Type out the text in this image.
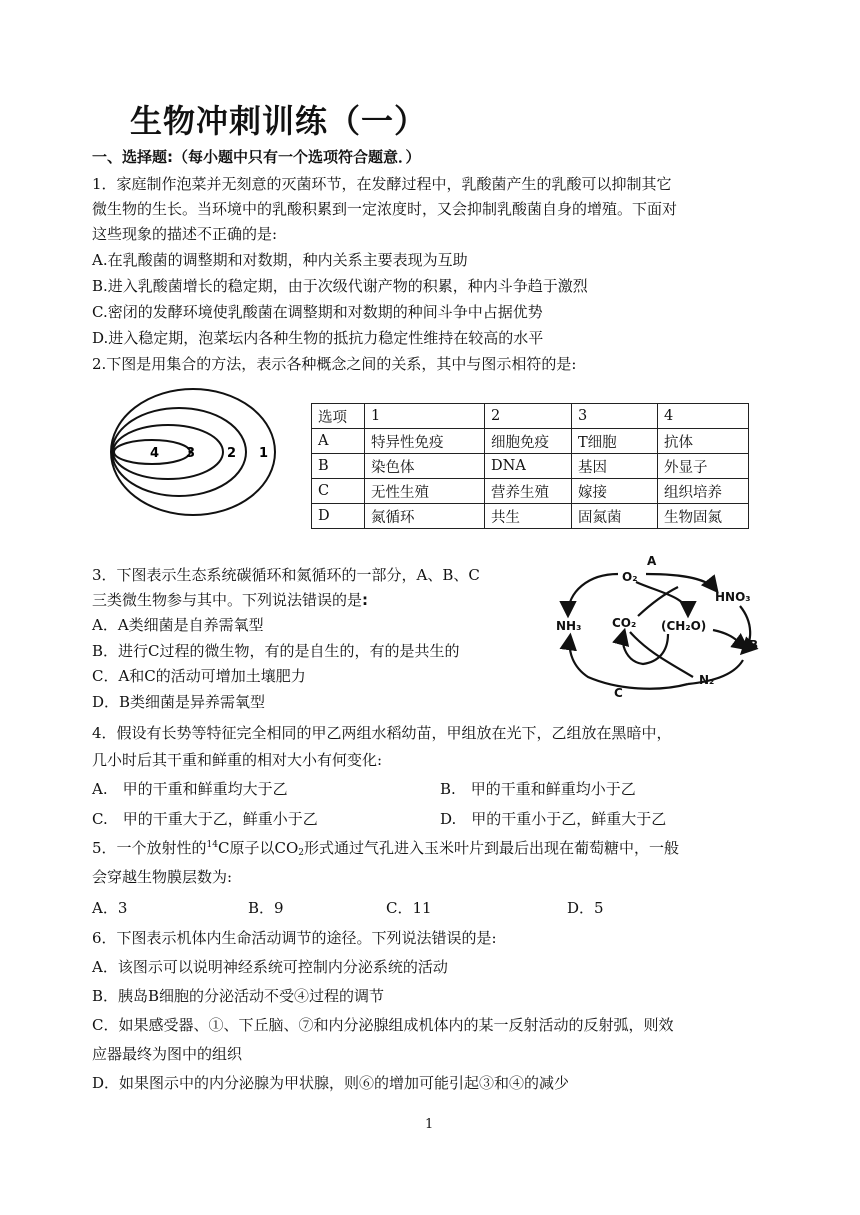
生物冲刺训练（一）
一、选择题:（每小题中只有一个选项符合题意．）
1．家庭制作泡菜并无刻意的灭菌环节，在发酵过程中，乳酸菌产生的乳酸可以抑制其它
微生物的生长。当环境中的乳酸积累到一定浓度时，又会抑制乳酸菌自身的增殖。下面对
这些现象的描述不正确的是:
A.在乳酸菌的调整期和对数期，种内关系主要表现为互助
B.进入乳酸菌增长的稳定期，由于次级代谢产物的积累，种内斗争趋于激烈
C.密闭的发酵环境使乳酸菌在调整期和对数期的种间斗争中占据优势
D.进入稳定期，泡菜坛内各种生物的抵抗力稳定性维持在较高的水平
2.下图是用集合的方法，表示各种概念之间的关系，其中与图示相符的是:
1
2
3
4
选项	1	2	3	4
A	特异性免疫	细胞免疫	T细胞	抗体
B	染色体	DNA	基因	外显子
C	无性生殖	营养生殖	嫁接	组织培养
D	氮循环	共生	固氮菌	生物固氮
3．下图表示生态系统碳循环和氮循环的一部分，A、B、C
三类微生物参与其中。下列说法错误的是:
A．A类细菌是自养需氧型
B．进行C过程的微生物，有的是自生的，有的是共生的
C．A和C的活动可增加土壤肥力
D．B类细菌是异养需氧型
A
O₂
HNO₃
NH₃	CO₂ (CH₂O)
B
N₂
C
4．假设有长势等特征完全相同的甲乙两组水稻幼苗，甲组放在光下，乙组放在黑暗中，
几小时后其干重和鲜重的相对大小有何变化:
A.　甲的干重和鲜重均大于乙	B.　甲的干重和鲜重均小于乙
C.　甲的干重大于乙，鲜重小于乙	D.　甲的干重小于乙，鲜重大于乙
5．一个放射性的$^{14}$C原子以$CO_2$形式通过气孔进入玉米叶片到最后出现在葡萄糖中，一般
会穿越生物膜层数为:
A．3	B．9	C．11	D．5
6．下图表示机体内生命活动调节的途径。下列说法错误的是:
A．该图示可以说明神经系统可控制内分泌系统的活动
B．胰岛B细胞的分泌活动不受④过程的调节
C．如果感受器、①、下丘脑、⑦和内分泌腺组成机体内的某一反射活动的反射弧，则效
应器最终为图中的组织
D．如果图示中的内分泌腺为甲状腺，则⑥的增加可能引起③和④的减少
1
